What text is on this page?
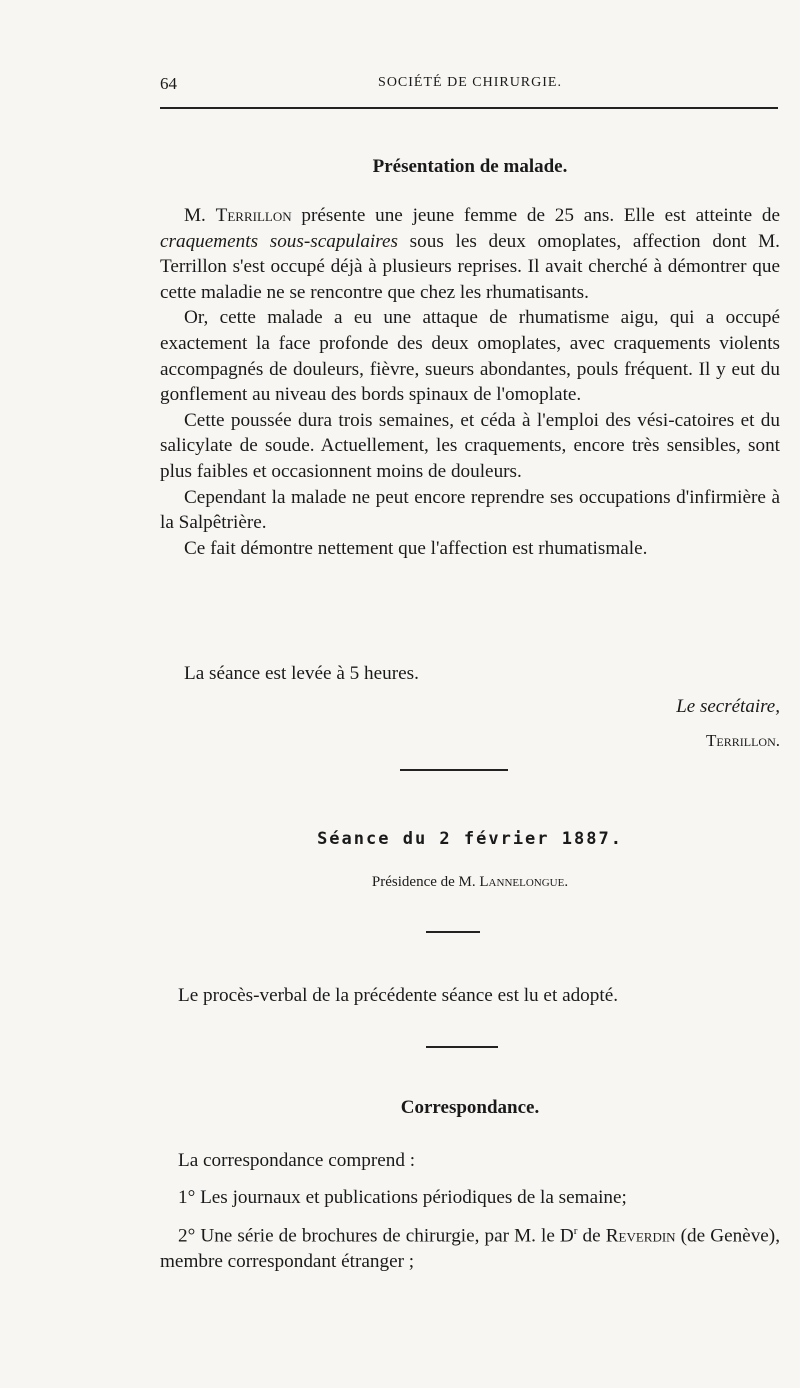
64	SOCIÉTÉ DE CHIRURGIE.
Présentation de malade.

M. Terrillon présente une jeune femme de 25 ans. Elle est atteinte de craquements sous-scapulaires sous les deux omoplates, affection dont M. Terrillon s'est occupé déjà à plusieurs reprises. Il avait cherché à démontrer que cette maladie ne se rencontre que chez les rhumatisants.

Or, cette malade a eu une attaque de rhumatisme aigu, qui a occupé exactement la face profonde des deux omoplates, avec craquements violents accompagnés de douleurs, fièvre, sueurs abondantes, pouls fréquent. Il y eut du gonflement au niveau des bords spinaux de l'omoplate.

Cette poussée dura trois semaines, et céda à l'emploi des vési-catoires et du salicylate de soude. Actuellement, les craquements, encore très sensibles, sont plus faibles et occasionnent moins de douleurs.

Cependant la malade ne peut encore reprendre ses occupations d'infirmière à la Salpêtrière.

Ce fait démontre nettement que l'affection est rhumatismale.

La séance est levée à 5 heures.
Le secrétaire,
Terrillon.
Séance du 2 février 1887.
Présidence de M. Lannelongue.
Le procès-verbal de la précédente séance est lu et adopté.
Correspondance.
La correspondance comprend :
1° Les journaux et publications périodiques de la semaine;
2° Une série de brochures de chirurgie, par M. le $D^r$ de Reverdin (de Genève), membre correspondant étranger ;
